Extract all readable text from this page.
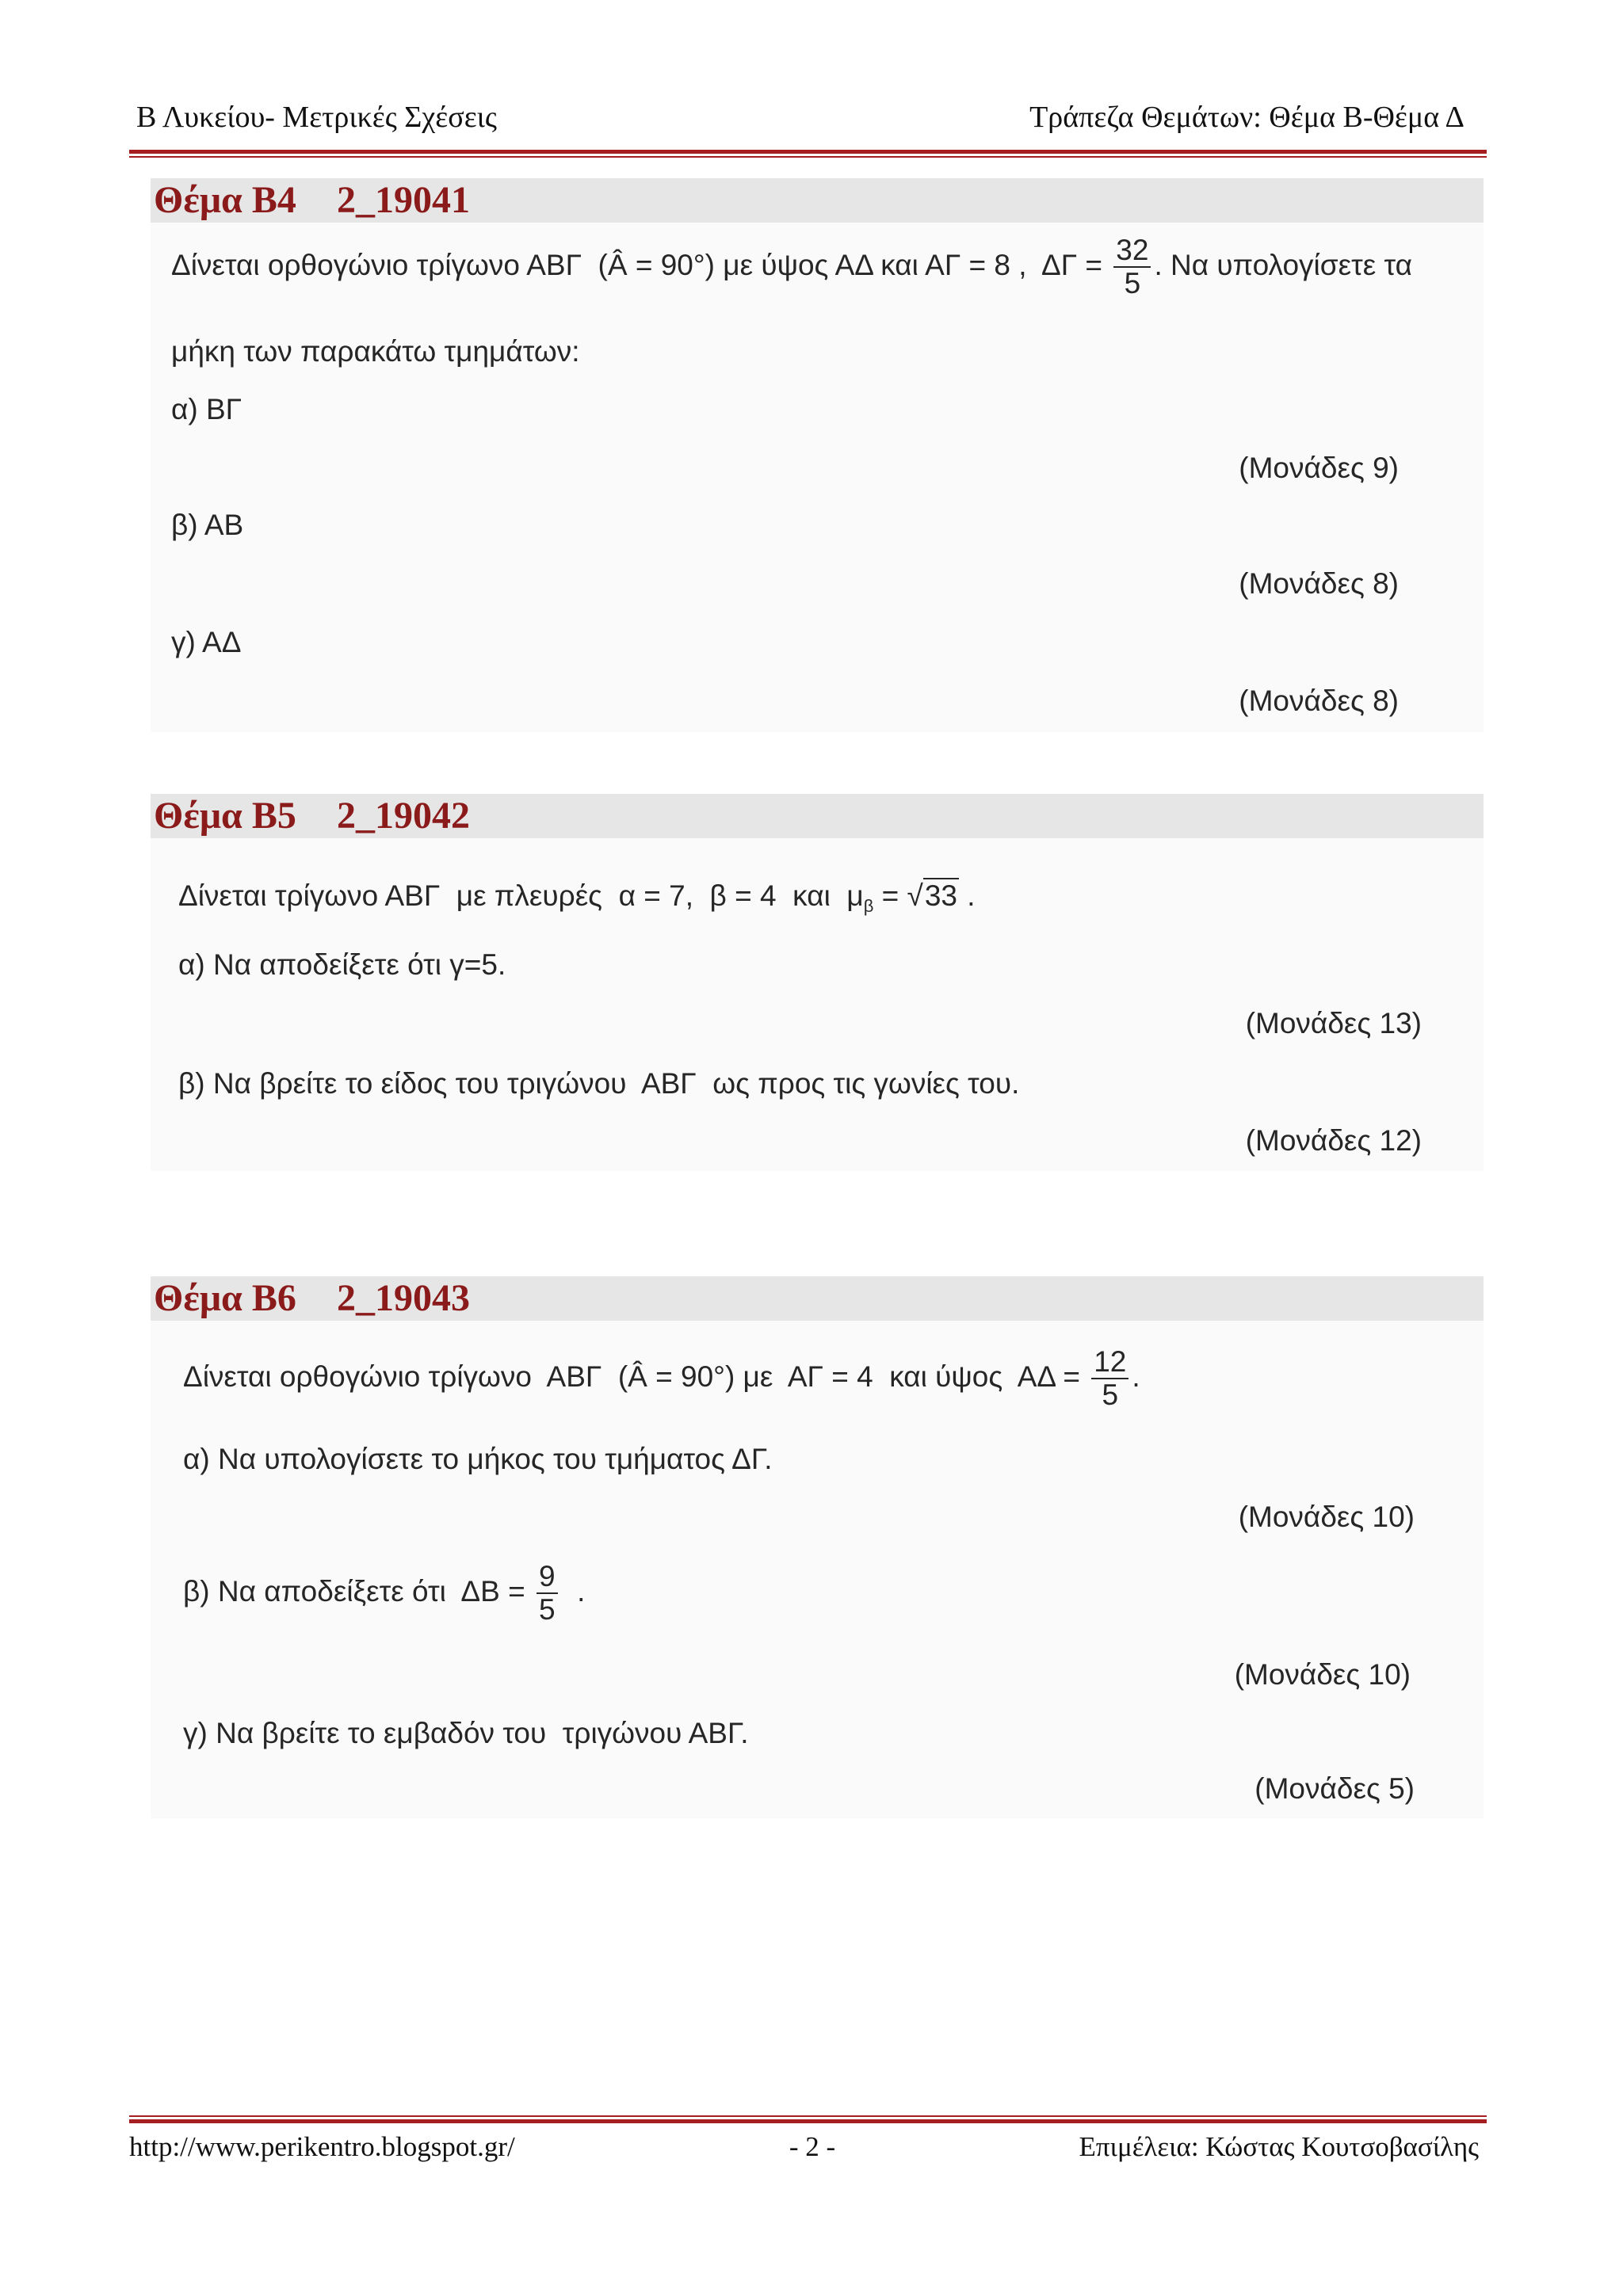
Β Λυκείου- Μετρικές Σχέσεις	Τράπεζα Θεμάτων: Θέμα Β-Θέμα Δ
Θέμα Β4 2_19041
Δίνεται ορθογώνιο τρίγωνο ΑΒΓ  (Â = 90°) με ύψος ΑΔ και ΑΓ = 8 ,  $\Delta\Gamma = \frac{32}{5}$ . Να υπολογίσετε τα
μήκη των παρακάτω τμημάτων:
α) ΒΓ
(Μονάδες 9)
β) ΑΒ
(Μονάδες 8)
γ) ΑΔ
(Μονάδες 8)
Θέμα Β5 2_19042
Δίνεται τρίγωνο ΑΒΓ  με πλευρές  α = 7,  β = 4  και  $\mu_\beta = √33$ .
α) Να αποδείξετε ότι γ=5.
(Μονάδες 13)
β) Να βρείτε το είδος του τριγώνου  ΑΒΓ  ως προς τις γωνίες του.
(Μονάδες 12)
Θέμα Β6 2_19043
Δίνεται ορθογώνιο τρίγωνο  ΑΒΓ  (Â = 90°) με  ΑΓ = 4  και ύψος  $A\Delta = \frac{12}{5}$ .
α) Να υπολογίσετε το μήκος του τμήματος ΔΓ.
(Μονάδες 10)
β) Να αποδείξετε ότι  $\Delta B = \frac{9}{5}$ .
(Μονάδες 10)
γ) Να βρείτε το εμβαδόν του  τριγώνου ΑΒΓ.
(Μονάδες 5)
http://www.perikentro.blogspot.gr/	- 2 -	Επιμέλεια: Κώστας Κουτσοβασίλης
